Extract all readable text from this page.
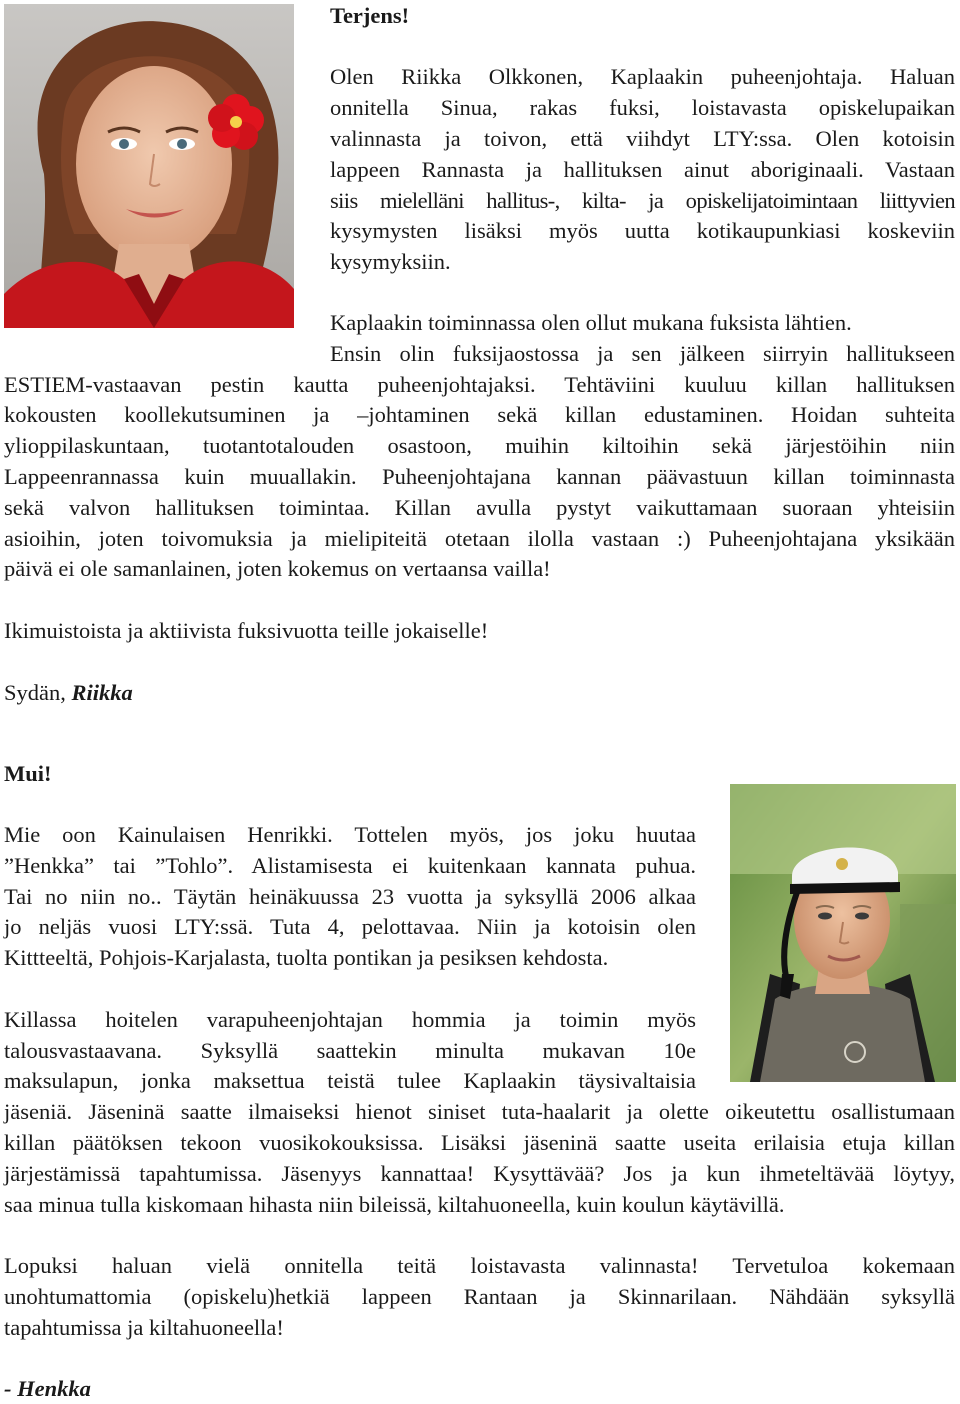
Terjens!
Olen Riikka Olkkonen, Kaplaakin puheenjohtaja. Haluan
onnitella Sinua, rakas fuksi, loistavasta opiskelupaikan
valinnasta ja toivon, että viihdyt LTY:ssa. Olen kotoisin
lappeen Rannasta ja hallituksen ainut aboriginaali. Vastaan
siis mielelläni hallitus-, kilta- ja opiskelijatoimintaan liittyvien
kysymysten lisäksi myös uutta kotikaupunkiasi koskeviin
kysymyksiin.
Kaplaakin toiminnassa olen ollut mukana fuksista lähtien.
Ensin olin fuksijaostossa ja sen jälkeen siirryin hallitukseen
ESTIEM-vastaavan pestin kautta puheenjohtajaksi. Tehtäviini kuuluu killan hallituksen
kokousten koollekutsuminen ja –johtaminen sekä killan edustaminen. Hoidan suhteita
ylioppilaskuntaan, tuotantotalouden osastoon, muihin kiltoihin sekä järjestöihin niin
Lappeenrannassa kuin muuallakin. Puheenjohtajana kannan päävastuun killan toiminnasta
sekä valvon hallituksen toimintaa. Killan avulla pystyt vaikuttamaan suoraan yhteisiin
asioihin, joten toivomuksia ja mielipiteitä otetaan ilolla vastaan :) Puheenjohtajana yksikään
päivä ei ole samanlainen, joten kokemus on vertaansa vailla!
Ikimuistoista ja aktiivista fuksivuotta teille jokaiselle!
Sydän, Riikka
Mui!
Mie oon Kainulaisen Henrikki. Tottelen myös, jos joku huutaa
”Henkka” tai ”Tohlo”. Alistamisesta ei kuitenkaan kannata puhua.
Tai no niin no.. Täytän heinäkuussa 23 vuotta ja syksyllä 2006 alkaa
jo neljäs vuosi LTY:ssä. Tuta 4, pelottavaa. Niin ja kotoisin olen
Kittteeltä, Pohjois-Karjalasta, tuolta pontikan ja pesiksen kehdosta.
Killassa hoitelen varapuheenjohtajan hommia ja toimin myös
talousvastaavana. Syksyllä saattekin minulta mukavan 10e
maksulapun, jonka maksettua teistä tulee Kaplaakin täysivaltaisia
jäseniä. Jäseninä saatte ilmaiseksi hienot siniset tuta-haalarit ja olette oikeutettu osallistumaan
killan päätöksen tekoon vuosikokouksissa. Lisäksi jäseninä saatte useita erilaisia etuja killan
järjestämissä tapahtumissa. Jäsenyys kannattaa! Kysyttävää? Jos ja kun ihmeteltävää löytyy,
saa minua tulla kiskomaan hihasta niin bileissä, kiltahuoneella, kuin koulun käytävillä.
Lopuksi haluan vielä onnitella teitä loistavasta valinnasta! Tervetuloa kokemaan
unohtumattomia (opiskelu)hetkiä lappeen Rantaan ja Skinnarilaan. Nähdään syksyllä
tapahtumissa ja kiltahuoneella!
- Henkka
